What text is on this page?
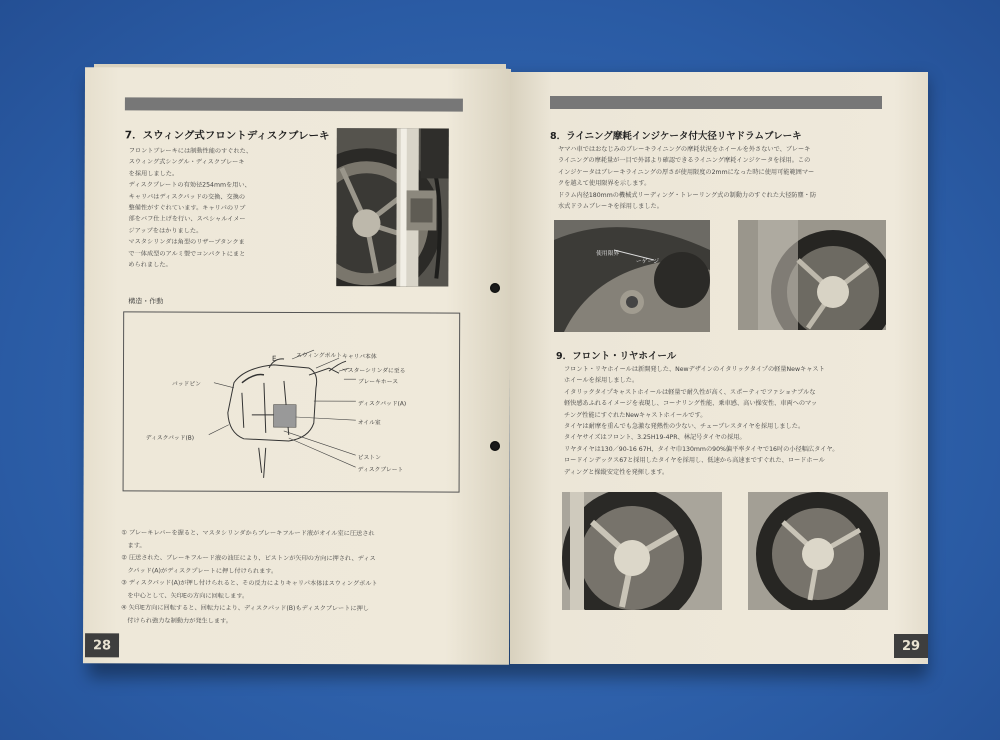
7．スウィング式フロントディスクブレーキ
フロントブレーキには制動性能のすぐれた、
スウィング式シングル・ディスクブレーキ
を採用しました。
ディスクプレートの有効径254mmを用い、
キャリパはディスクパッドの交換、交換の
整備性がすぐれています。キャリパのリブ
部をバフ仕上げを行い、スペシャルイメー
ジアップをはかりました。
マスタシリンダは角型のリザーブタンクま
で一体成型のアルミ製でコンパクトにまと
められました。
構造・作動
スウィングボルト
E	キャリパ本体
マスターシリンダに至る
ブレーキホース
パッドピン
ディスクパッド(A)
オイル室
ディスクパッド(B)
ピストン
ディスクプレート
① ブレーキレバーを握ると、マスタシリンダからブレーキフルード液がオイル室に圧送され
　ます。
② 圧送された、ブレーキフルード液の油圧により、ピストンが矢印の方向に押され、ディス
　クパッド(A)がディスクプレートに押し付けられます。
③ ディスクパッド(A)が押し付けられると、その反力によりキャリパ本体はスウィングボルト
　を中心として、矢印Eの方向に回転します。
④ 矢印E方向に回転すると、回転力により、ディスクパッド(B)もディスクプレートに押し
　付けられ強力な制動力が発生します。
28
8．ライニング摩耗インジケータ付大径リヤドラムブレーキ
ヤマハ車ではおなじみのブレーキライニングの摩耗状況をホイールを外さないで、ブレーキ
ライニングの摩耗量が一目で外部より確認できるライニング摩耗インジケータを採用。この
インジケータはブレーキライニングの厚さが使用限度の2mmになった時に使用可能範囲マー
クを越えて使用限界を示します。
ドラム内径180mmの機械式リーディング・トレーリング式の制動力のすぐれた大径防塵・防
水式ドラムブレーキを採用しました。
使用限界
ーゲージ
9．フロント・リヤホイール
フロント・リヤホイールは新開発した、Newデザインのイタリックタイプの軽量Newキャスト
ホイールを採用しました。
イタリックタイプキャストホイールは軽量で耐久性が高く、スポーティでファショナブルな
軽快感あふれるイメージを表現し、コーナリング性能、乗車感、高い操安性、車両へのマッ
チング性能にすぐれたNewキャストホイールです。
タイヤは耐摩を重んでも急激な発熱性の少ない、チューブレスタイヤを採用しました。
タイヤサイズはフロント、3.25H19-4PR、林記号タイヤの採用。
リヤタイヤは130／90-16 67H、タイヤ巾130mmの90%偏平率タイヤで16吋の小径幅広タイヤ。
ロードインデックス67と採用したタイヤを採用し、低速から高速まですぐれた、ロードホール
ディングと操縦安定性を発揮します。
29
